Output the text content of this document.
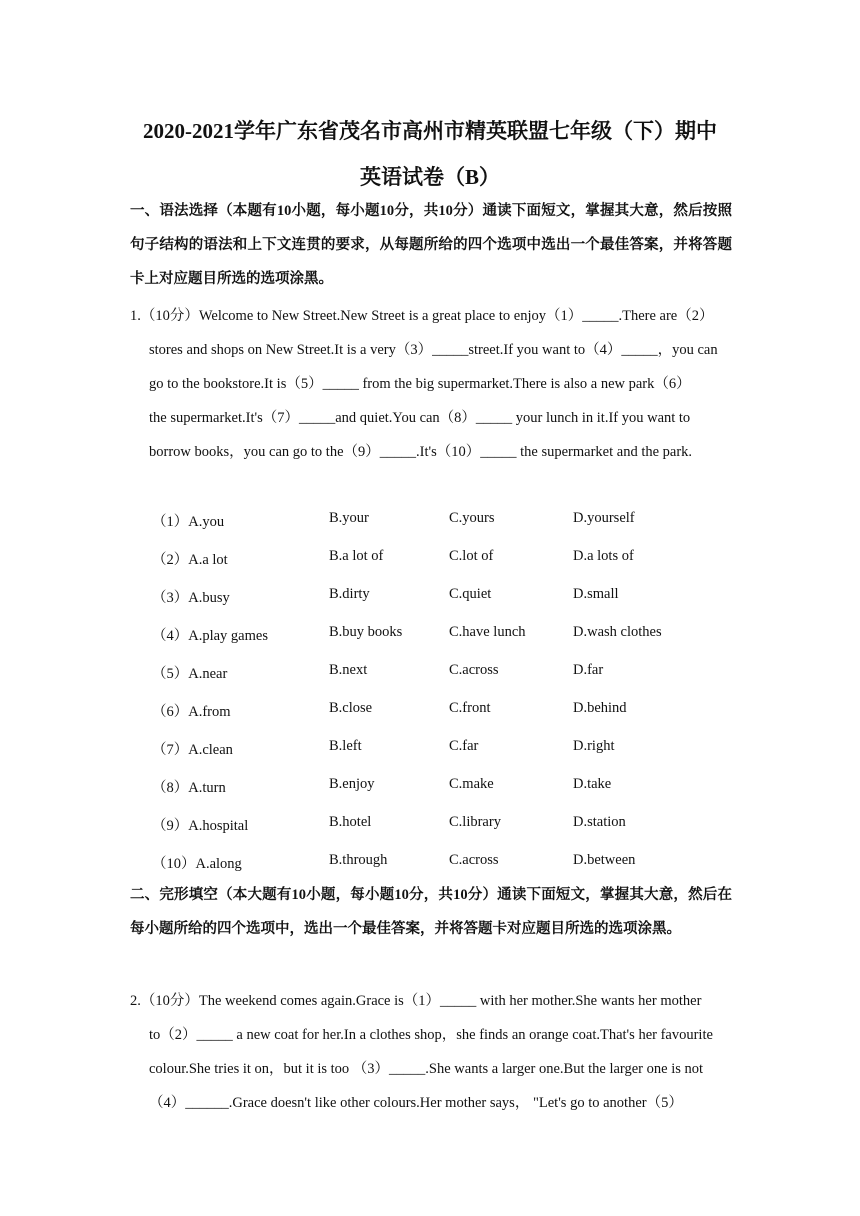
2020-2021学年广东省茂名市高州市精英联盟七年级（下）期中
英语试卷（B）
一、语法选择（本题有10小题，每小题10分，共10分）通读下面短文，掌握其大意，然后按照句子结构的语法和上下文连贯的要求，从每题所给的四个选项中选出一个最佳答案，并将答题卡上对应题目所选的选项涂黑。
1.（10分）Welcome to New Street.New Street is a great place to enjoy（1）_____.There are（2）
stores and shops on New Street.It is a very（3）_____street.If you want to（4）_____，you can
go to the bookstore.It is（5）_____ from the big supermarket.There is also a new park（6）
the supermarket.It's（7）_____and quiet.You can（8）_____ your lunch in it.If you want to
borrow books，you can go to the（9）_____.It's（10）_____ the supermarket and the park.
（1）A.you	B.your	C.yours	D.yourself
（2）A.a lot	B.a lot of	C.lot of	D.a lots of
（3）A.busy	B.dirty	C.quiet	D.small
（4）A.play games	B.buy books	C.have lunch	D.wash clothes
（5）A.near	B.next	C.across	D.far
（6）A.from	B.close	C.front	D.behind
（7）A.clean	B.left	C.far	D.right
（8）A.turn	B.enjoy	C.make	D.take
（9）A.hospital	B.hotel	C.library	D.station
（10）A.along	B.through	C.across	D.between
二、完形填空（本大题有10小题，每小题10分，共10分）通读下面短文，掌握其大意，然后在每小题所给的四个选项中，选出一个最佳答案，并将答题卡对应题目所选的选项涂黑。
2.（10分）The weekend comes again.Grace is（1）_____ with her mother.She wants her mother
to（2）_____ a new coat for her.In a clothes shop，she finds an orange coat.That's her favourite
colour.She tries it on，but it is too （3）_____.She wants a larger one.But the larger one is not
（4）______.Grace doesn't like other colours.Her mother says， "Let's go to another（5）
